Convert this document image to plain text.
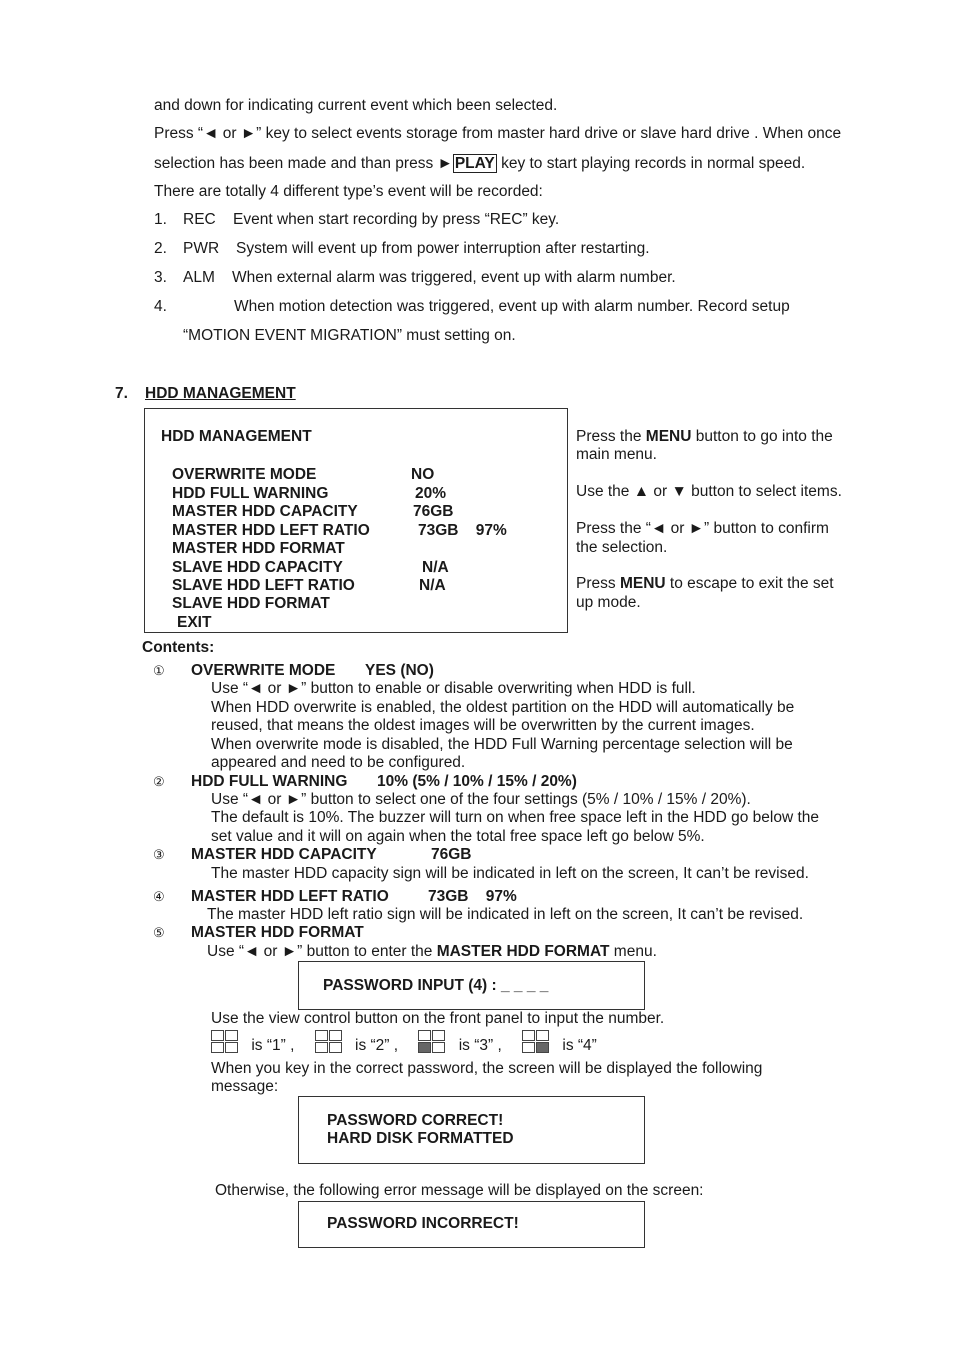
and down for indicating current event which been selected.
Press “◄ or ►” key to select events storage from master hard drive or slave hard drive . When once
selection has been made and than press ► PLAY key to start playing records in normal speed.
There are totally 4 different type’s event will be recorded:
1. REC Event when start recording by press “REC” key.
2. PWR System will event up from power interruption after restarting.
3. ALM When external alarm was triggered, event up with alarm number.
4.	When motion detection was triggered, event up with alarm number. Record setup
“MOTION EVENT MIGRATION” must setting on.
7. HDD MANAGEMENT
HDD MANAGEMENT
OVERWRITE MODE	NO
HDD FULL WARNING	20%
MASTER HDD CAPACITY	76GB
MASTER HDD LEFT RATIO	73GB    97%
MASTER HDD FORMAT
SLAVE HDD CAPACITY	N/A
SLAVE HDD LEFT RATIO	N/A
SLAVE HDD FORMAT
EXIT
Press the MENU button to go into the
main menu.
Use the ▲ or ▼ button to select items.
Press the “◄ or ►” button to confirm
the selection.
Press MENU to escape to exit the set
up mode.
Contents:
① OVERWRITE MODE YES (NO)
Use “◄ or ►” button to enable or disable overwriting when HDD is full.
When HDD overwrite is enabled, the oldest partition on the HDD will automatically be
reused, that means the oldest images will be overwritten by the current images.
When overwrite mode is disabled, the HDD Full Warning percentage selection will be
appeared and need to be configured.
② HDD FULL WARNING 10% (5% / 10% / 15% / 20%)
Use “◄ or ►” button to select one of the four settings (5% / 10% / 15% / 20%).
The default is 10%. The buzzer will turn on when free space left in the HDD go below the
set value and it will on again when the total free space left go below 5%.
③ MASTER HDD CAPACITY	76GB
The master HDD capacity sign will be indicated in left on the screen, It can’t be revised.
④ MASTER HDD LEFT RATIO	73GB    97%
The master HDD left ratio sign will be indicated in left on the screen, It can’t be revised.
⑤ MASTER HDD FORMAT
Use “◄ or ►” button to enter the MASTER HDD FORMAT menu.
PASSWORD INPUT (4) : _ _ _ _
Use the view control button on the front panel to input the number.
is “1” ,	is “2” ,	is “3” ,	is “4”
When you key in the correct password, the screen will be displayed the following
message:
PASSWORD CORRECT!
HARD DISK FORMATTED
Otherwise, the following error message will be displayed on the screen:
PASSWORD INCORRECT!
